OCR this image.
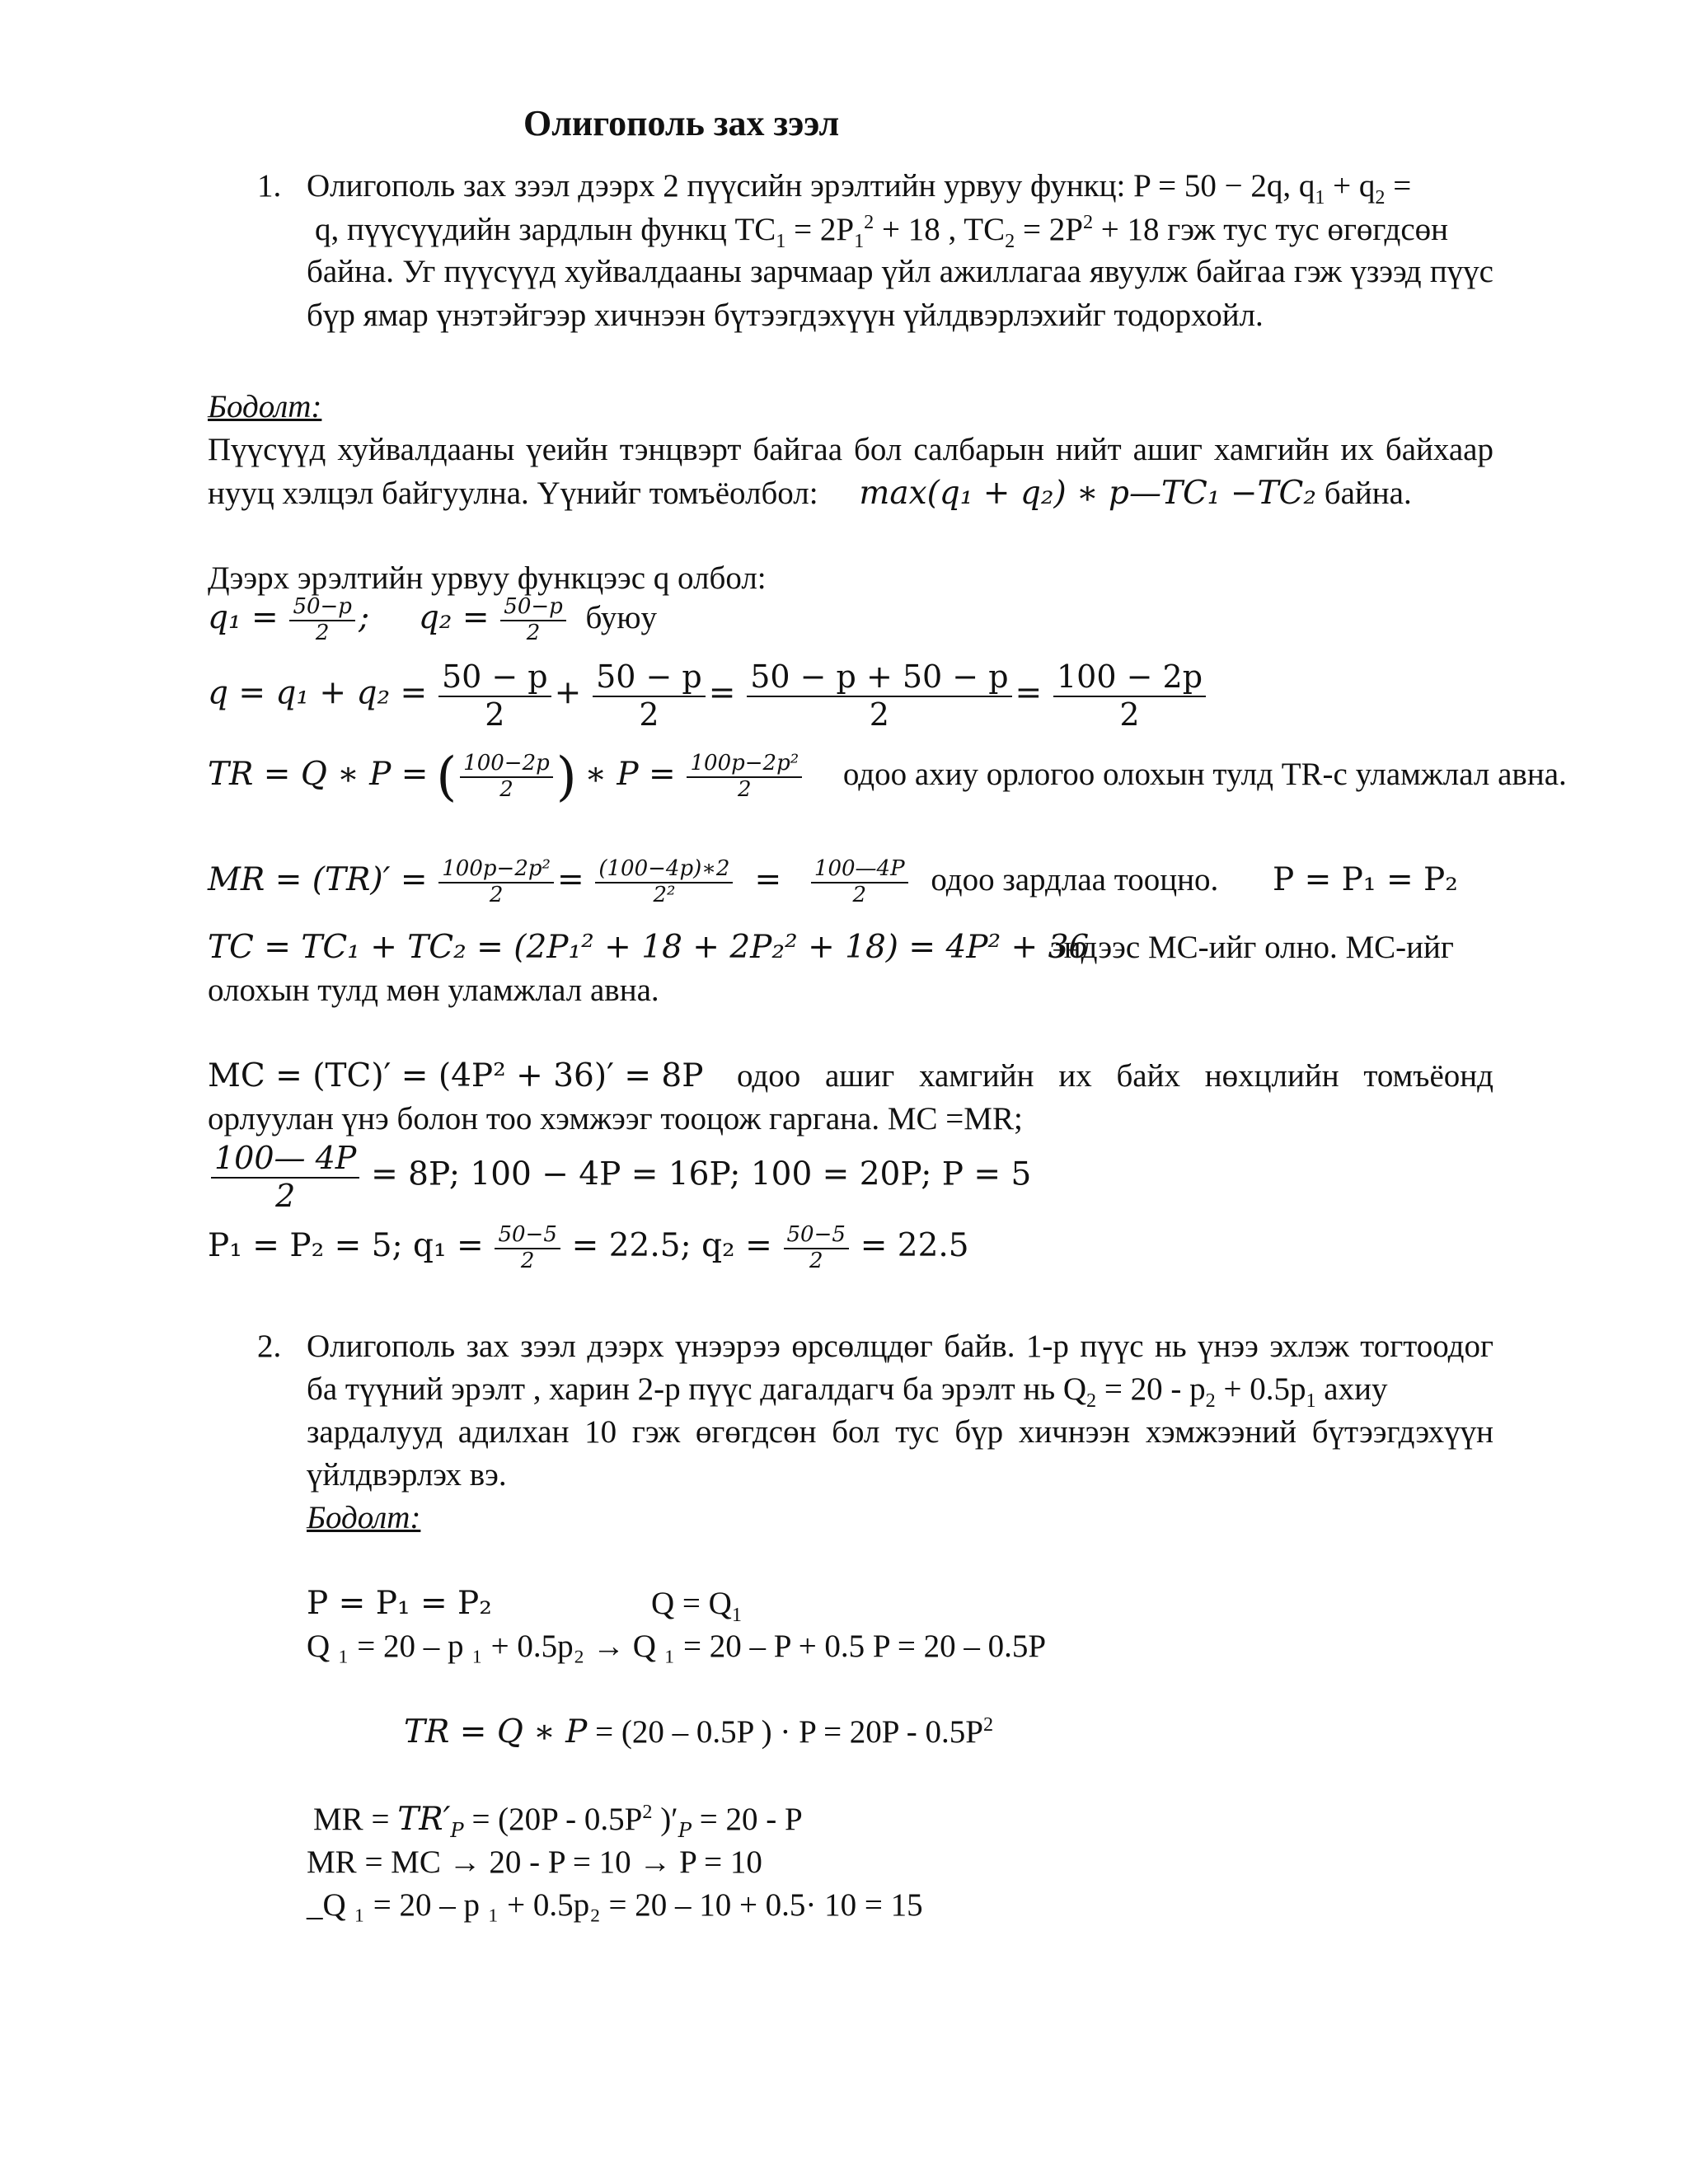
Олигополь зах зээл
1. Олигополь зах зээл дээрх 2 пүүсийн эрэлтийн урвуу функц: P = 50 − 2q, $q_1 + q_2$ =
q, пүүсүүдийн зардлын функц $TC_1 = 2P_1^2 + 18$ , $TC_2 = 2P^2 + 18$ гэж тус тус өгөгдсөн
байна. Уг пүүсүүд хуйвалдааны зарчмаар үйл ажиллагаа явуулж байгаа гэж үзээд пүүс бүр ямар үнэтэйгээр хичнээн бүтээгдэхүүн үйлдвэрлэхийг тодорхойл.
Бодолт:
Пүүсүүд хуйвалдааны үеийн тэнцвэрт байгаа бол салбарын нийт ашиг хамгийн их байхаар нууц хэлцэл байгуулна. Үүнийг томъёолбол: max(q₁ + q₂) ∗ p—TC₁ −TC₂ байна.
Дээрх эрэлтийн урвуу функцээс q олбол:
$q_1 = \frac{50-p}{2}$ ; $q_2 = \frac{50-p}{2}$ буюу
$q = q_1 + q_2 = \frac{50 - p}{2} + \frac{50 - p}{2} = \frac{50 - p + 50 - p}{2} = \frac{100 - 2p}{2}$
TR = Q ∗ P = ( $\frac{100-2p}{2}$ ) ∗ $P = \frac{\text{100p−2p²}}{2}$ одоо ахиу орлогоо олохын тулд TR-с уламжлал авна.
MR = $(TR)' = \frac{\text{100p−2p²}}{2} = \frac{(100-4p)∗2}{\text{2²}} = \frac{100—4P}{2}$ одоо зардлаа тооцно. P = P₁ = P₂
TC = TC₁ + TC₂ = (2P₁² + 18 + 2P₂² + 18) = 4P² + 36
эндээс MC-ийг олно. MC-ийг
олохын тулд мөн уламжлал авна.
MC = (TC)′ = (4P² + 36)′ = 8P одоо ашиг хамгийн их байх нөхцлийн томъёонд
орлуулан үнэ болон тоо хэмжээг тооцож гаргана. MC =MR;
$\frac{100— 4P}{2} = 8P$; 100 − 4P = 16P; 100 = 20P; P = 5
P₁ = P₂ = 5; $q_1 = \frac{50-5}{2} = 22.5$; $q_2 = \frac{50-5}{2} = 22.5$
2. Олигополь зах зээл дээрх үнээрээ өрсөлцдөг байв. 1-р пүүс нь үнээ эхлэж тогтоодог
ба түүний эрэлт , харин 2-р пүүс дагалдагч ба эрэлт нь $Q_2 = 20 - p_2 + 0.5p_1$ ахиу
зардалууд адилхан 10 гэж өгөгдсөн бол тус бүр хичнээн хэмжээний бүтээгдэхүүн
үйлдвэрлэх вэ.
Бодолт:
P = P₁ = P₂	$Q = Q_1$
Q ₁ = 20 – p ₁ + 0.5p₂ → Q ₁ = 20 – P + 0.5 P = 20 – 0.5P
TR = Q ∗ P = (20 – 0.5P ) · $P = 20P - 0.5P^2$
MR = $TR'_P = (20P - 0.5P^2$ )$'_P = 20 - P$
MR = MC → 20 - P = 10 → P = 10
_Q ₁ = 20 – p ₁ + 0.5p₂ = 20 – 10 + 0.5· 10 = 15
